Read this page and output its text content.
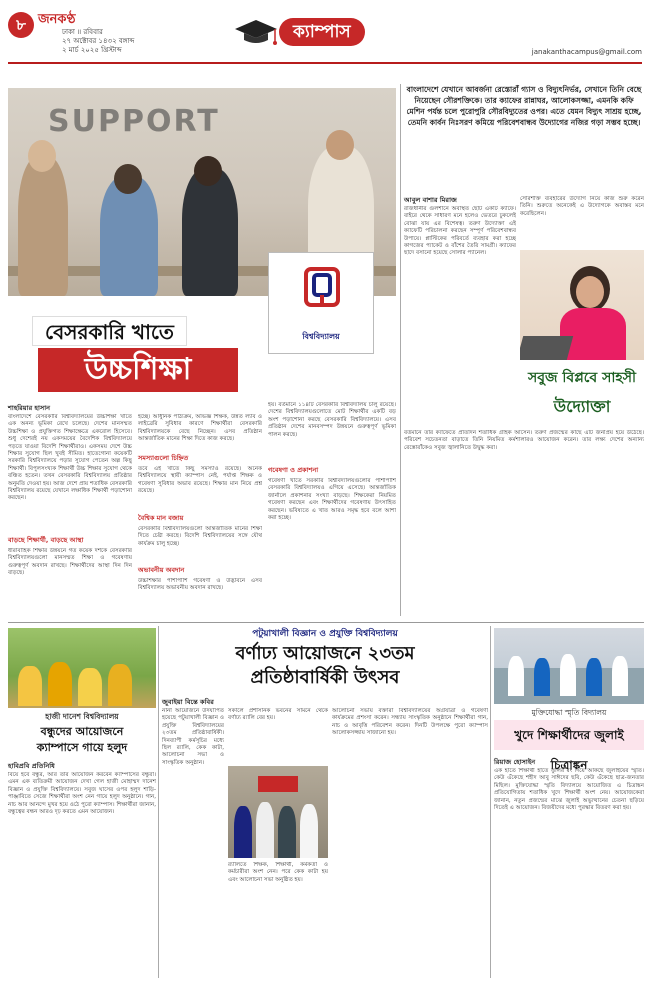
৮ জনকণ্ঠ
ঢাকা ॥ রবিবার
২৭ অক্টোবর ১৪৩২ বঙ্গাব্দ
২ মার্চ ২০২৫ খ্রিস্টাব্দ
ক্যাম্পাস
janakanthacampus@gmail.com
SUPPORT
বিশ্ববিদ্যালয়
বেসরকারি খাতে
উচ্চশিক্ষা
শাহরিয়ার হাসান
বাংলাদেশে বেসরকারি বিশ্ববিদ্যালয়ের উচ্চশিক্ষা খাতে এক অনন্য ভূমিকা রেখে চলেছে। দেশের মানসম্মত উচ্চশিক্ষা ও প্রযুক্তিগত শিক্ষাক্ষেত্রে একরোল হিসেবে। শুধু দেশেরই নয় একসময়ের বৈদেশিক বিশ্ববিদ্যালয়ে পড়তে যাওয়া বিদেশি শিক্ষার্থীরাও। একসময় দেশে উচ্চ শিক্ষার সুযোগ ছিল খুবই সীমিত। হাতেগোনা কয়েকটি সরকারি বিশ্ববিদ্যালয়ে পড়ার সুযোগ পেতেন অল্প কিছু শিক্ষার্থী। বিপুলসংখ্যক শিক্ষার্থী উচ্চ শিক্ষার সুযোগ থেকে বঞ্চিত হতেন। তখন বেসরকারি বিশ্ববিদ্যালয় প্রতিষ্ঠার অনুমতি দেওয়া হয়। আজ দেশে প্রায় শতাধিক বেসরকারি বিশ্ববিদ্যালয় রয়েছে যেখানে লক্ষাধিক শিক্ষার্থী পড়াশোনা করছেন।
বাড়ছে শিক্ষার্থী, বাড়ছে আস্থা
ধারাবাহিক শিক্ষার উন্নয়নে গত কয়েক দশকে বেসরকারি বিশ্ববিদ্যালয়গুলো মানসম্মত শিক্ষা ও গবেষণায় গুরুত্বপূর্ণ অবদান রাখছে। শিক্ষার্থীদের আস্থা দিন দিন বাড়ছে।
হচ্ছে। আধুনিক পাঠ্যক্রম, অভিজ্ঞ শিক্ষক, উন্নত ল্যাব ও লাইব্রেরি সুবিধার কারণে শিক্ষার্থীরা বেসরকারি বিশ্ববিদ্যালয়কে বেছে নিচ্ছেন। এসব প্রতিষ্ঠান আন্তর্জাতিক মানের শিক্ষা দিতে কাজ করছে।
সমস্যাগুলো চিহ্নিত
তবে এই খাতে কিছু সমস্যাও রয়েছে। অনেক বিশ্ববিদ্যালয়ে স্থায়ী ক্যাম্পাস নেই, পর্যাপ্ত শিক্ষক ও গবেষণা সুবিধার অভাব রয়েছে। শিক্ষার মান নিয়ে প্রশ্ন রয়েছে।
বৈশ্বিক মান বজায়
বেসরকারি বিশ্ববিদ্যালয়গুলো আন্তর্জাতিক মানের শিক্ষা দিতে চেষ্টা করছে। বিদেশি বিশ্ববিদ্যালয়ের সঙ্গে যৌথ কার্যক্রম চালু হচ্ছে।
অভাবনীয় অবদান
উচ্চশিক্ষার পাশাপাশি গবেষণা ও উদ্ভাবনে এসব বিশ্ববিদ্যালয় অভাবনীয় অবদান রাখছে।
হয়। বর্তমানে ১১৪টি বেসরকারি বিশ্ববিদ্যালয় চালু রয়েছে। দেশের বিশ্ববিদ্যালয়গুলোতে মোট শিক্ষার্থীর একটি বড় অংশ পড়াশোনা করছে বেসরকারি বিশ্ববিদ্যালয়ে। এসব প্রতিষ্ঠান দেশের মানবসম্পদ উন্নয়নে গুরুত্বপূর্ণ ভূমিকা পালন করছে।
গবেষণা ও প্রকাশনা
গবেষণা খাতে সরকারি বিশ্ববিদ্যালয়গুলোর পাশাপাশি বেসরকারি বিশ্ববিদ্যালয়ও এগিয়ে এসেছে। আন্তর্জাতিক জার্নালে প্রকাশনার সংখ্যা বাড়ছে। শিক্ষকেরা নিয়মিত গবেষণা করছেন এবং শিক্ষার্থীদের গবেষণায় উৎসাহিত করছেন। ভবিষ্যতে এ খাত আরও সমৃদ্ধ হবে বলে আশা করা হচ্ছে।
বাংলাদেশে যেখানে আবর্জনা রেস্তোরাঁ গ্যাস ও বিদ্যুৎনির্ভর, সেখানে তিনি বেছে নিয়েছেন সৌরশক্তিকে। তার ক্যাফের রান্নাঘর, আলোকসজ্জা, এমনকি কফি মেশিন পর্যন্ত চলে পুরোপুরি সৌরবিদ্যুতের ওপর। এতে যেমন বিদ্যুৎ সাশ্রয় হচ্ছে, তেমনি কার্বন নিঃসরণ কমিয়ে পরিবেশবান্ধব উদ্যোগের নজির গড়া সম্ভব হচ্ছে।
আবুল বাশার মিরাজ
রাজধানীর গুলশানে অবস্থিত ছোট একটি ক্যাফে। বাইরে থেকে সাধারণ মনে হলেও ভেতরে ঢুকলেই বোঝা যায় এর বিশেষত্ব। তরুণ উদ্যোক্তা এই ক্যাফেটি পরিচালনা করছেন সম্পূর্ণ পরিবেশবান্ধব উপায়ে। প্লাস্টিকের পরিবর্তে ব্যবহার করা হচ্ছে কাগজের প্যাকেট ও বাঁশের তৈরি সামগ্রী। ক্যাফের ছাদে বসানো হয়েছে সোলার প্যানেল।
সৌরশক্তি ব্যবহারের উদ্যোগ নিয়ে কাজ শুরু করেন তিনি। শুরুতে অনেকেই এ উদ্যোগকে অবাস্তব মনে করেছিলেন।
সবুজ বিপ্লবে সাহসী
উদ্যোক্তা
বর্তমানে তার ক্যাফেতে প্রতিদিন শতাধিক গ্রাহক আসেন। তরুণ প্রজন্মের কাছে এটি জনপ্রিয় হয়ে উঠেছে। পরিবেশ সচেতনতা বাড়াতে তিনি নিয়মিত কর্মশালারও আয়োজন করেন। তার লক্ষ্য দেশের অন্যান্য রেস্তোরাঁকেও সবুজ জ্বালানিতে উদ্বুদ্ধ করা।
হাজী দানেশ বিশ্ববিদ্যালয়
বন্ধুদের আয়োজনে
ক্যাম্পাসে গায়ে হলুদ
হাবিপ্রবি প্রতিনিধি
বিয়ে হবে বন্ধুর, আর তার আয়োজন করবেন ক্যাম্পাসের বন্ধুরা। এমন এক ব্যতিক্রমী আয়োজন দেখা গেল হাজী মোহাম্মদ দানেশ বিজ্ঞান ও প্রযুক্তি বিশ্ববিদ্যালয়ে। সবুজ ঘাসের ওপর হলুদ শাড়ি-পাঞ্জাবিতে সেজে শিক্ষার্থীরা অংশ নেন গায়ে হলুদ অনুষ্ঠানে। গান, নাচ আর আনন্দে মুখর হয়ে ওঠে পুরো ক্যাম্পাস। শিক্ষার্থীরা জানান, বন্ধুত্বের বন্ধন আরও দৃঢ় করতে এমন আয়োজন।
পটুয়াখালী বিজ্ঞান ও প্রযুক্তি বিশ্ববিদ্যালয়
বর্ণাঢ্য আয়োজনে ২৩তম
প্রতিষ্ঠাবার্ষিকী উৎসব
জুবাইয়া বিন্তে কবির
নানা আয়োজনে উদযাপিত হয়েছে পটুয়াখালী বিজ্ঞান ও প্রযুক্তি বিশ্ববিদ্যালয়ের ২৩তম প্রতিষ্ঠাবার্ষিকী। দিনব্যাপী কর্মসূচির মধ্যে ছিল র‍্যালি, কেক কাটা, আলোচনা সভা ও সাংস্কৃতিক অনুষ্ঠান।
সকালে প্রশাসনিক ভবনের সামনে থেকে বর্ণাঢ্য র‍্যালি বের হয়।
র‍্যালিতে শিক্ষক, শিক্ষার্থী, কর্মকর্তা ও কর্মচারীরা অংশ নেন। পরে কেক কাটা হয় এবং আলোচনা সভা অনুষ্ঠিত হয়।
আলোচনা সভায় বক্তারা বিশ্ববিদ্যালয়ের অগ্রযাত্রা ও গবেষণা কার্যক্রমের প্রশংসা করেন। সন্ধ্যায় সাংস্কৃতিক অনুষ্ঠানে শিক্ষার্থীরা গান, নাচ ও আবৃত্তি পরিবেশন করেন। দিনটি উপলক্ষে পুরো ক্যাম্পাস আলোকসজ্জায় সাজানো হয়।
মুক্তিযোদ্ধা স্মৃতি বিদ্যালয়
খুদে শিক্ষার্থীদের জুলাই চিত্রাঙ্কন
রিয়াজ হোসাইন
এক হাতে শিক্ষার্থী হাতে তুলির রং দিয়ে আঁকছে জুলাইয়ের স্মৃতি। কেউ এঁকেছে শহীদ আবু সাঈদের ছবি, কেউ এঁকেছে ছাত্র-জনতার মিছিল। মুক্তিযোদ্ধা স্মৃতি বিদ্যালয়ে আয়োজিত এ চিত্রাঙ্কন প্রতিযোগিতায় শতাধিক খুদে শিক্ষার্থী অংশ নেয়। আয়োজকেরা জানান, নতুন প্রজন্মের মাঝে জুলাই অভ্যুত্থানের চেতনা ছড়িয়ে দিতেই এ আয়োজন। বিজয়ীদের মধ্যে পুরস্কার বিতরণ করা হয়।
